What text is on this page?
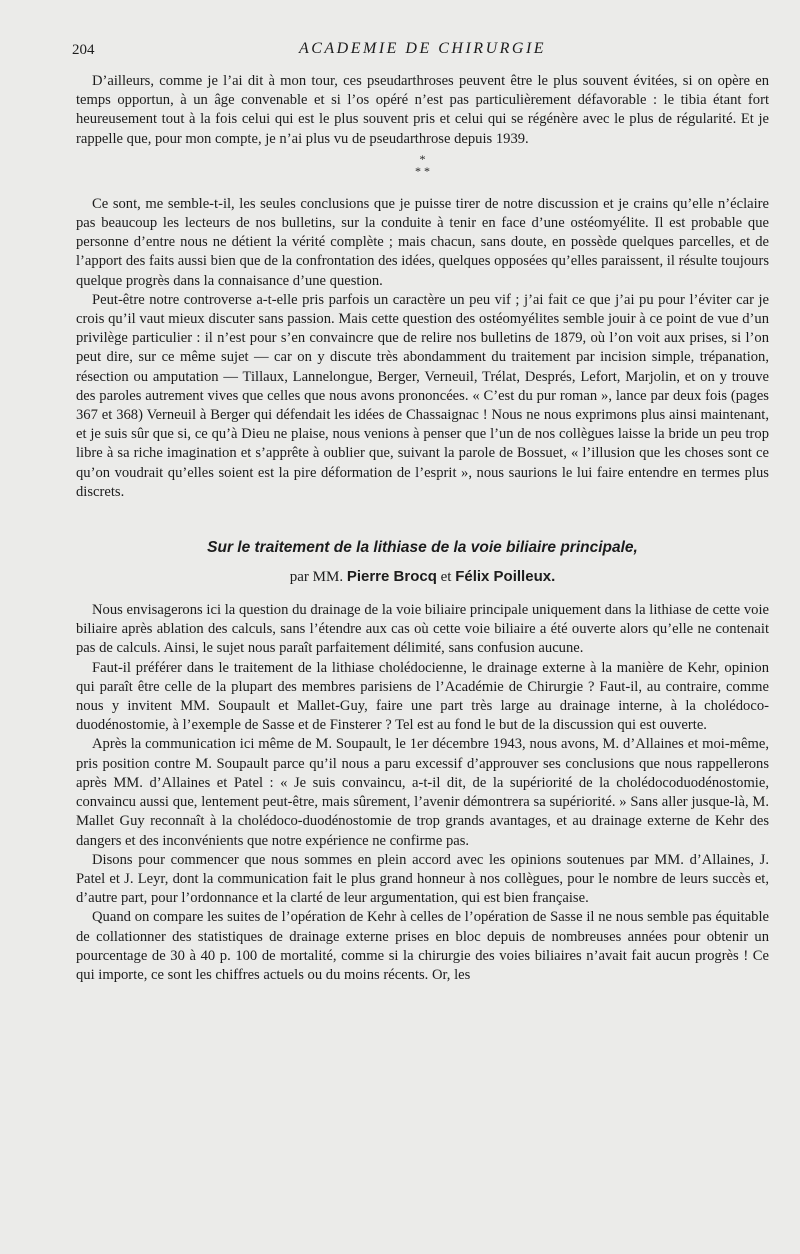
204	ACADEMIE DE CHIRURGIE

D’ailleurs, comme je l’ai dit à mon tour, ces pseudarthroses peuvent être le plus souvent évitées, si on opère en temps opportun, à un âge convenable et si l’os opéré n’est pas particulièrement défavorable : le tibia étant fort heureusement tout à la fois celui qui est le plus souvent pris et celui qui se régénère avec le plus de régularité. Et je rappelle que, pour mon compte, je n’ai plus vu de pseudarthrose depuis 1939.

*
* *

Ce sont, me semble-t-il, les seules conclusions que je puisse tirer de notre discussion et je crains qu’elle n’éclaire pas beaucoup les lecteurs de nos bulletins, sur la conduite à tenir en face d’une ostéomyélite. Il est probable que personne d’entre nous ne détient la vérité complète ; mais chacun, sans doute, en possède quelques parcelles, et de l’apport des faits aussi bien que de la confrontation des idées, quelques opposées qu’elles paraissent, il résulte toujours quelque progrès dans la connaisance d’une question.

Peut-être notre controverse a-t-elle pris parfois un caractère un peu vif ; j’ai fait ce que j’ai pu pour l’éviter car je crois qu’il vaut mieux discuter sans passion. Mais cette question des ostéomyélites semble jouir à ce point de vue d’un privilège particulier : il n’est pour s’en convaincre que de relire nos bulletins de 1879, où l’on voit aux prises, si l’on peut dire, sur ce même sujet — car on y discute très abondamment du traitement par incision simple, trépanation, résection ou amputation — Tillaux, Lannelongue, Berger, Verneuil, Trélat, Després, Lefort, Marjolin, et on y trouve des paroles autrement vives que celles que nous avons prononcées. « C’est du pur roman », lance par deux fois (pages 367 et 368) Verneuil à Berger qui défendait les idées de Chassaignac ! Nous ne nous exprimons plus ainsi maintenant, et je suis sûr que si, ce qu’à Dieu ne plaise, nous venions à penser que l’un de nos collègues laisse la bride un peu trop libre à sa riche imagination et s’apprête à oublier que, suivant la parole de Bossuet, « l’illusion que les choses sont ce qu’on voudrait qu’elles soient est la pire déformation de l’esprit », nous saurions le lui faire entendre en termes plus discrets.

Sur le traitement de la lithiase de la voie biliaire principale,
par MM. Pierre Brocq et Félix Poilleux.

Nous envisagerons ici la question du drainage de la voie biliaire principale uniquement dans la lithiase de cette voie biliaire après ablation des calculs, sans l’étendre aux cas où cette voie biliaire a été ouverte alors qu’elle ne contenait pas de calculs. Ainsi, le sujet nous paraît parfaitement délimité, sans confusion aucune.

Faut-il préférer dans le traitement de la lithiase cholédocienne, le drainage externe à la manière de Kehr, opinion qui paraît être celle de la plupart des membres parisiens de l’Académie de Chirurgie ? Faut-il, au contraire, comme nous y invitent MM. Soupault et Mallet-Guy, faire une part très large au drainage interne, à la cholédoco-duodénostomie, à l’exemple de Sasse et de Finsterer ? Tel est au fond le but de la discussion qui est ouverte.

Après la communication ici même de M. Soupault, le 1er décembre 1943, nous avons, M. d’Allaines et moi-même, pris position contre M. Soupault parce qu’il nous a paru excessif d’approuver ses conclusions que nous rappellerons après MM. d’Allaines et Patel : « Je suis convaincu, a-t-il dit, de la supériorité de la cholédocoduodénostomie, convaincu aussi que, lentement peut-être, mais sûrement, l’avenir démontrera sa supériorité. » Sans aller jusque-là, M. Mallet Guy reconnaît à la cholédoco-duodénostomie de trop grands avantages, et au drainage externe de Kehr des dangers et des inconvénients que notre expérience ne confirme pas.

Disons pour commencer que nous sommes en plein accord avec les opinions soutenues par MM. d’Allaines, J. Patel et J. Leyr, dont la communication fait le plus grand honneur à nos collègues, pour le nombre de leurs succès et, d’autre part, pour l’ordonnance et la clarté de leur argumentation, qui est bien française.

Quand on compare les suites de l’opération de Kehr à celles de l’opération de Sasse il ne nous semble pas équitable de collationner des statistiques de drainage externe prises en bloc depuis de nombreuses années pour obtenir un pourcentage de 30 à 40 p. 100 de mortalité, comme si la chirurgie des voies biliaires n’avait fait aucun progrès ! Ce qui importe, ce sont les chiffres actuels ou du moins récents. Or, les
